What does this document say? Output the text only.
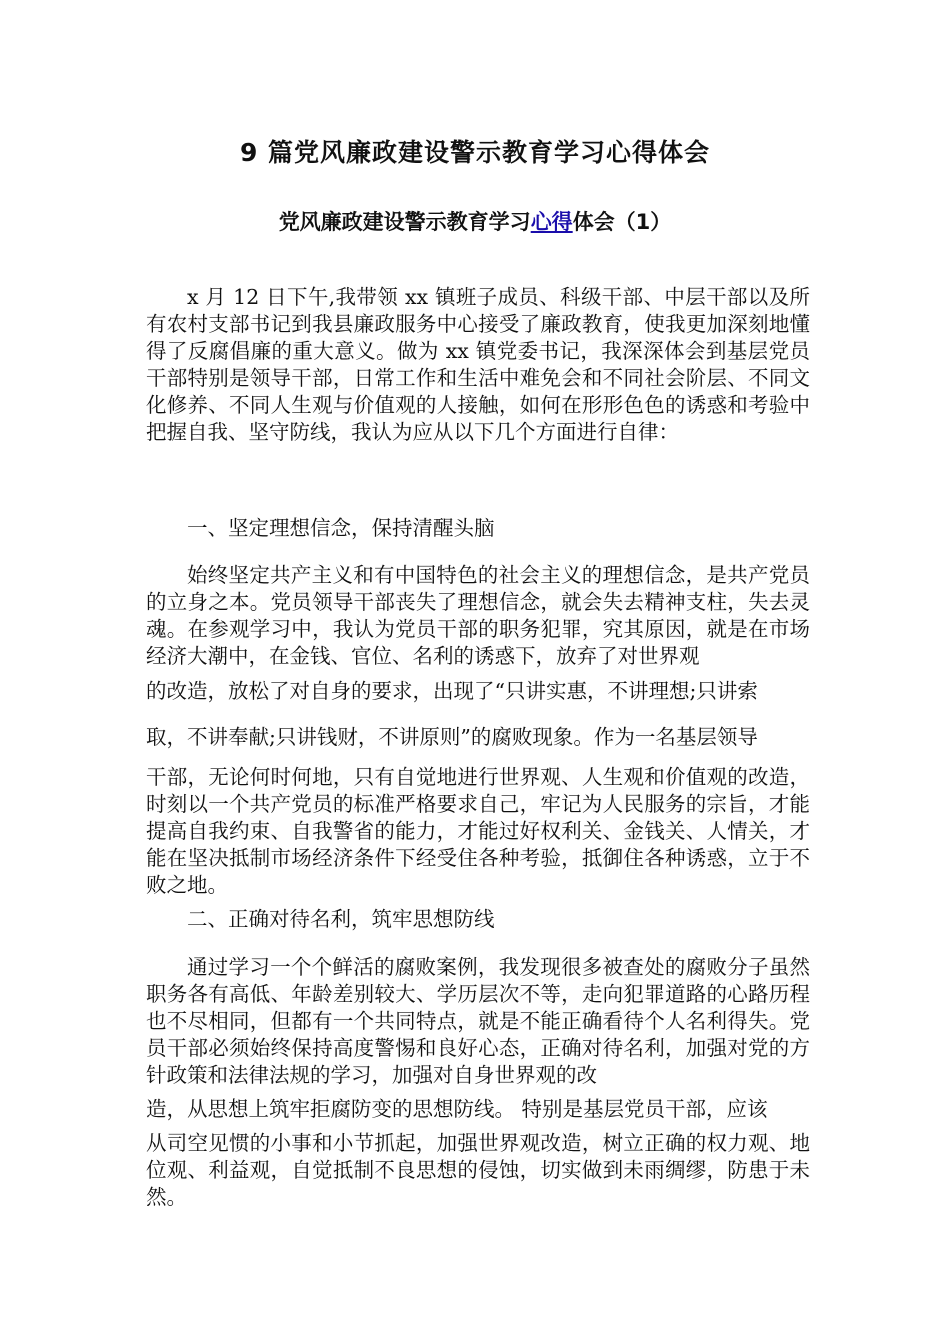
9 篇党风廉政建设警示教育学习心得体会
党风廉政建设警示教育学习心得体会（1）

x 月 12 日下午,我带领 xx 镇班子成员、科级干部、中层干部以及所有农村支部书记到我县廉政服务中心接受了廉政教育，使我更加深刻地懂得了反腐倡廉的重大意义。做为 xx 镇党委书记，我深深体会到基层党员干部特别是领导干部，日常工作和生活中难免会和不同社会阶层、不同文化修养、不同人生观与价值观的人接触，如何在形形色色的诱惑和考验中把握自我、坚守防线，我认为应从以下几个方面进行自律：

一、坚定理想信念，保持清醒头脑

始终坚定共产主义和有中国特色的社会主义的理想信念，是共产党员的立身之本。党员领导干部丧失了理想信念，就会失去精神支柱，失去灵魂。在参观学习中，我认为党员干部的职务犯罪，究其原因，就是在市场经济大潮中，在金钱、官位、名利的诱惑下，放弃了对世界观

的改造，放松了对自身的要求，出现了“只讲实惠，不讲理想;只讲索

取，不讲奉献;只讲钱财，不讲原则”的腐败现象。作为一名基层领导

干部，无论何时何地，只有自觉地进行世界观、人生观和价值观的改造，时刻以一个共产党员的标准严格要求自己，牢记为人民服务的宗旨，才能提高自我约束、自我警省的能力，才能过好权利关、金钱关、人情关，才能在坚决抵制市场经济条件下经受住各种考验，抵御住各种诱惑，立于不败之地。

二、正确对待名利，筑牢思想防线

通过学习一个个鲜活的腐败案例，我发现很多被查处的腐败分子虽然职务各有高低、年龄差别较大、学历层次不等，走向犯罪道路的心路历程也不尽相同，但都有一个共同特点，就是不能正确看待个人名利得失。党员干部必须始终保持高度警惕和良好心态，正确对待名利，加强对党的方针政策和法律法规的学习，加强对自身世界观的改

造，从思想上筑牢拒腐防变的思想防线。 特别是基层党员干部，应该

从司空见惯的小事和小节抓起，加强世界观改造，树立正确的权力观、地位观、利益观，自觉抵制不良思想的侵蚀，切实做到未雨绸缪，防患于未然。
